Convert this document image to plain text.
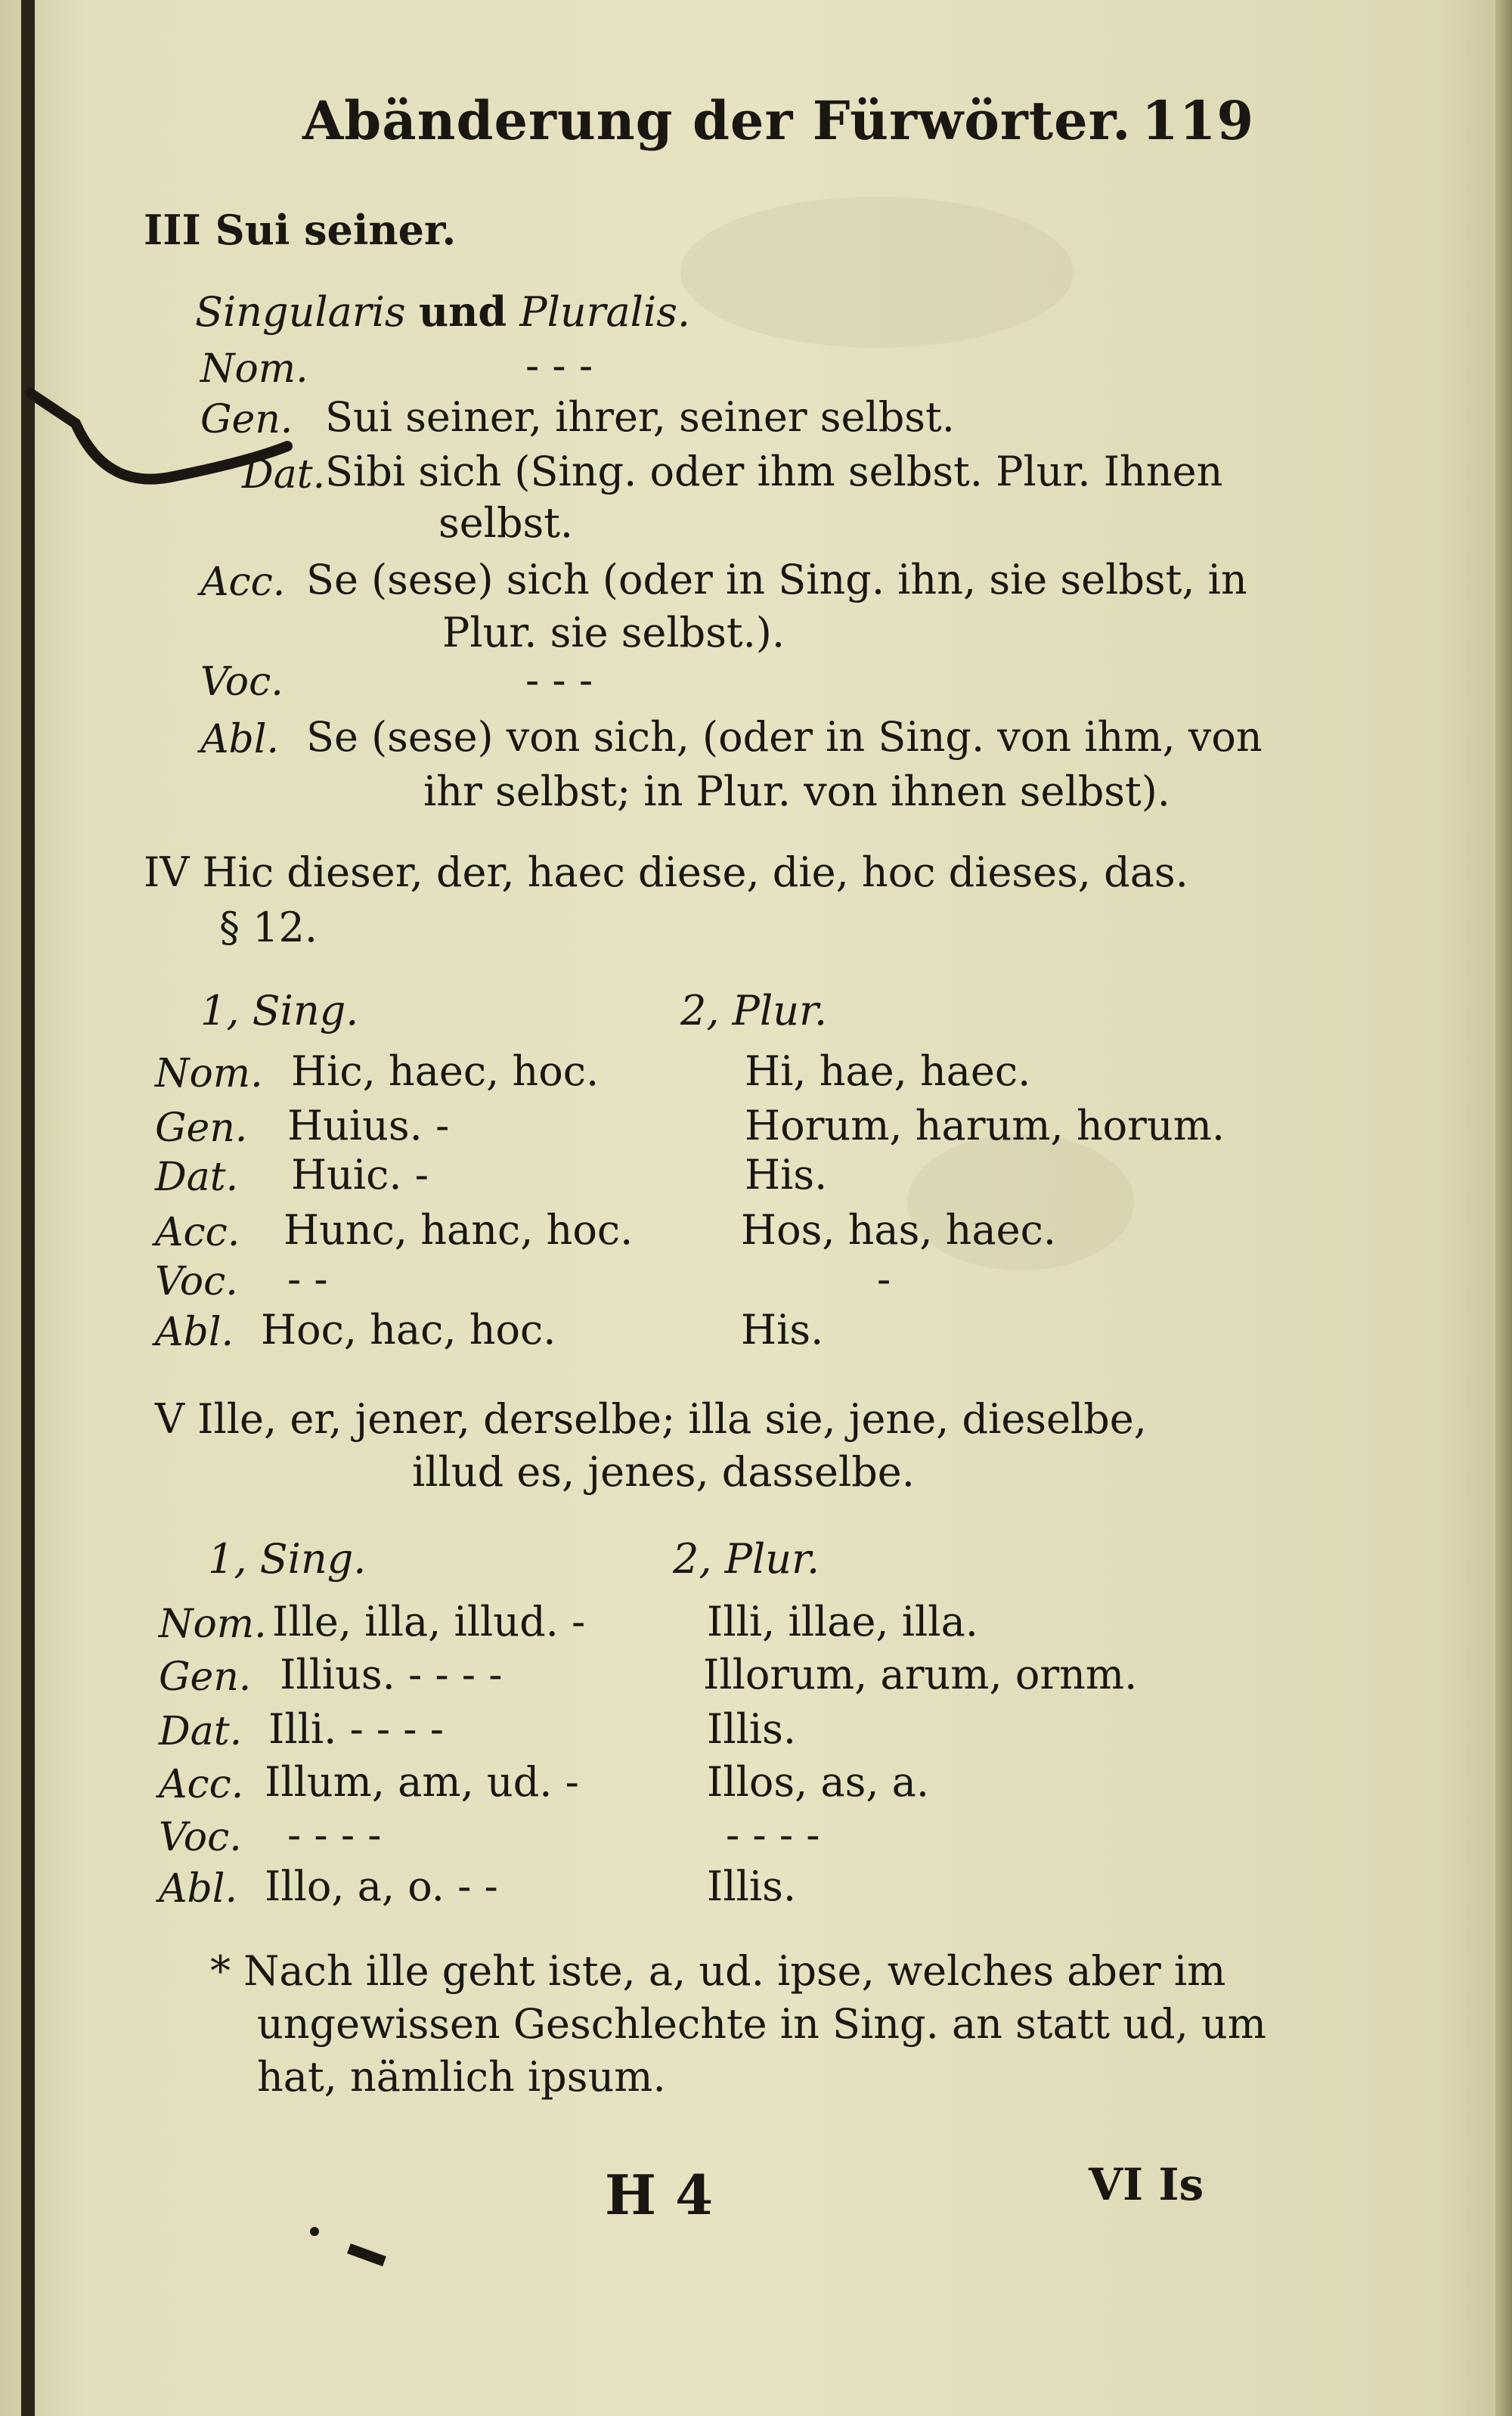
Abänderung der Fürwörter. 119
III Sui seiner.
Singularis und Pluralis.
Nom.	- - -
Gen. Sui seiner, ihrer, seiner selbst.
Dat. Sibi sich (Sing. oder ihm selbst. Plur. Ihnen
selbst.
Acc. Se (sese) sich (oder in Sing. ihn, sie selbst, in
Plur. sie selbst.).
Voc.	- - -
Abl. Se (sese) von sich, (oder in Sing. von ihm, von
ihr selbst; in Plur. von ihnen selbst).
IV Hic dieser, der, haec diese, die, hoc dieses, das.
§ 12.
1, Sing.	2, Plur.
Nom. Hic, haec, hoc.	Hi, hae, haec.
Gen. Huius. -	Horum, harum, horum.
Dat. Huic. -	His.
Acc. Hunc, hanc, hoc.	Hos, has, haec.
Voc. - -	-
Abl. Hoc, hac, hoc.	His.
V Ille, er, jener, derselbe; illa sie, jene, dieselbe,
illud es, jenes, dasselbe.
1, Sing.	2, Plur.
Nom. Ille, illa, illud. -	Illi, illae, illa.
Gen. Illius. - - - -	Illorum, arum, ornm.
Dat. Illi. - - - -	Illis.
Acc. Illum, am, ud. -	Illos, as, a.
Voc. - - - -	- - - -
Abl. Illo, a, o. - -	Illis.
* Nach ille geht iste, a, ud. ipse, welches aber im
ungewissen Geschlechte in Sing. an statt ud, um
hat, nämlich ipsum.
H 4	VI Is
